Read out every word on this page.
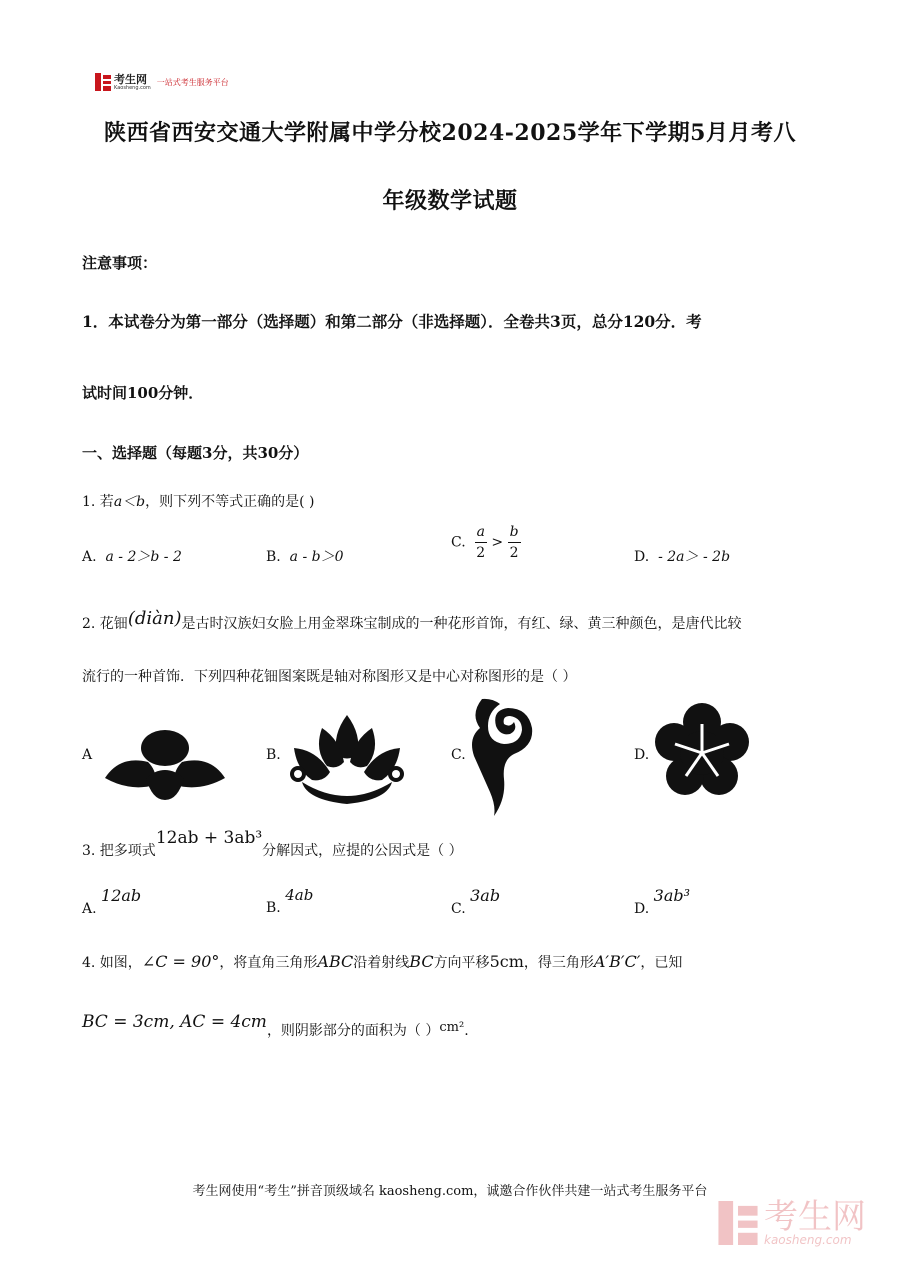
考生网
Kaosheng.com
一站式考生服务平台
陕西省西安交通大学附属中学分校2024-2025学年下学期5月月考八
年级数学试题
注意事项：
1．本试卷分为第一部分（选择题）和第二部分（非选择题）．全卷共3页，总分120分．考
试时间100分钟．
一、选择题（每题3分，共30分）
1. 若a＜b，则下列不等式正确的是( )
A. a - 2＞b - 2	B. a - b＞0
C. $\frac{a}{2} > \frac{b}{2}$	D. - 2a＞ - 2b
2. 花钿(diàn)是古时汉族妇女脸上用金翠珠宝制成的一种花形首饰，有红、绿、黄三种颜色，是唐代比较
流行的一种首饰．下列四种花钿图案既是轴对称图形又是中心对称图形的是（ ）
A	B.	C.	D.
3. 把多项式12ab + 3ab³分解因式，应提的公因式是（ ）
A. 12ab
B. 4ab
C. 3ab
D. 3ab³
4. 如图，∠C = 90°，将直角三角形ABC沿着射线BC方向平移5cm，得三角形A′B′C′，已知
BC = 3cm, AC = 4cm，则阴影部分的面积为（ ）cm².
考生网使用“考生”拼音顶级域名 kaosheng.com，诚邀合作伙伴共建一站式考生服务平台
考生网
kaosheng.com
